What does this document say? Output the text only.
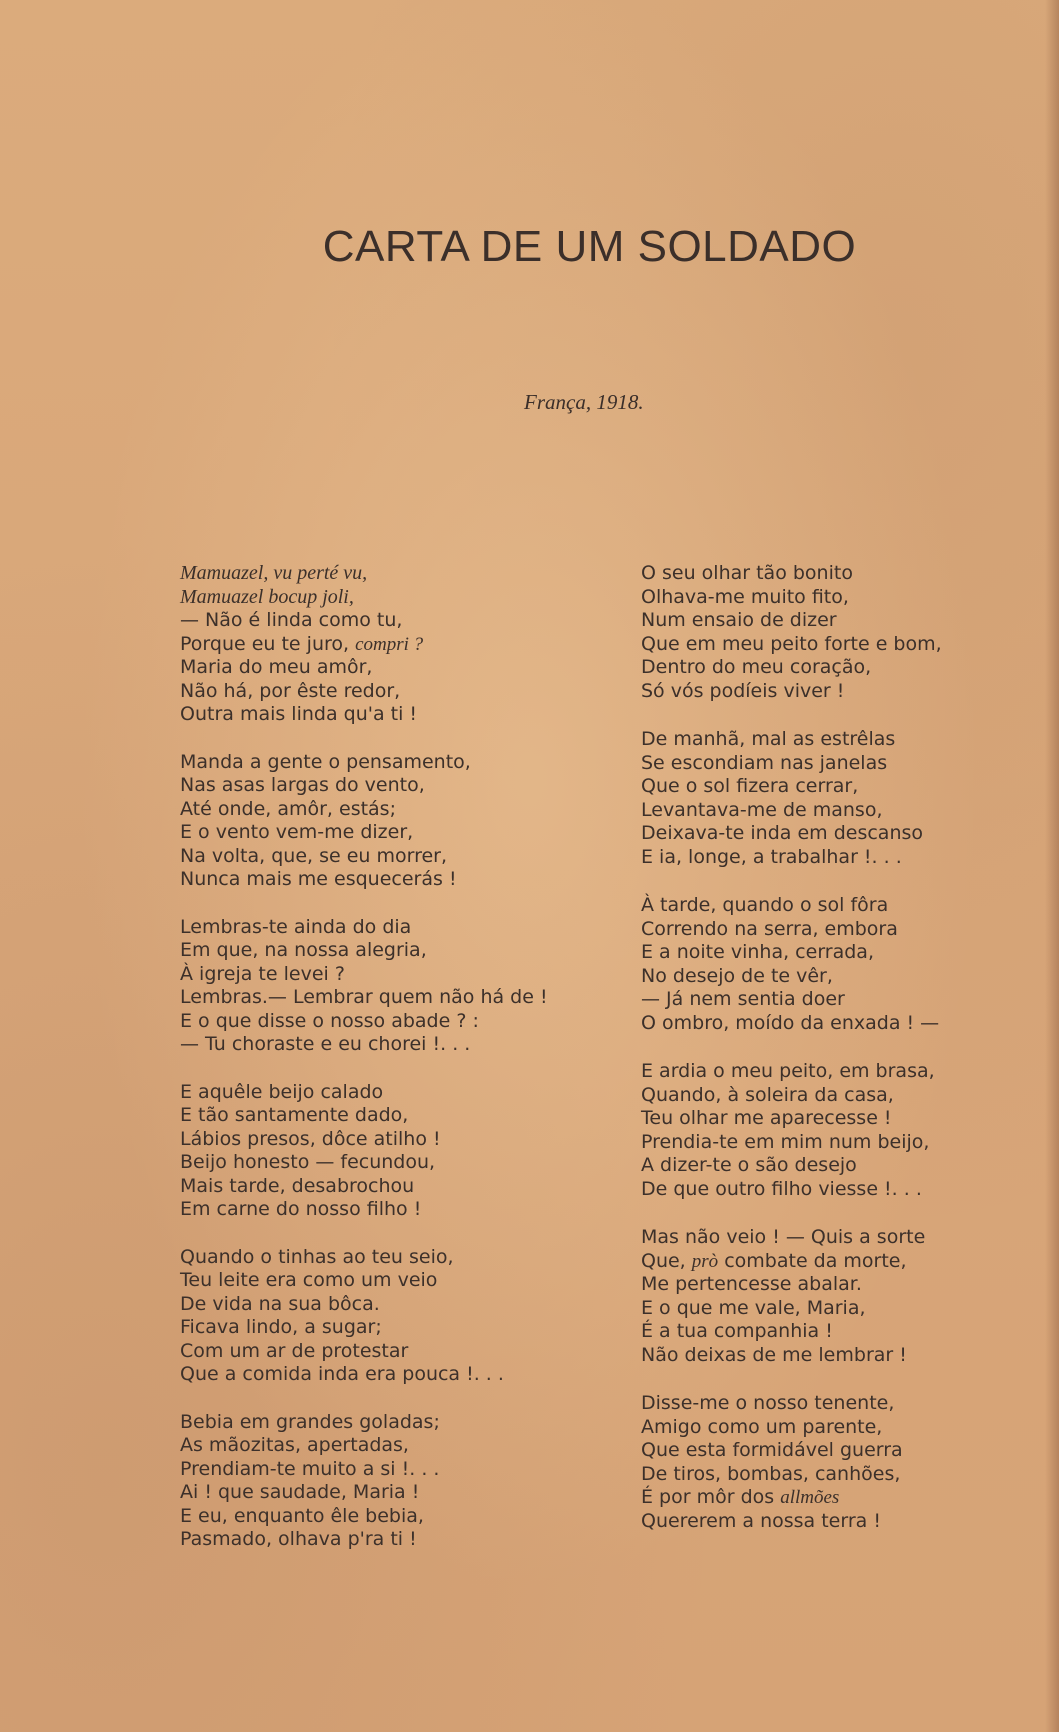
CARTA DE UM SOLDADO

França, 1918.

Mamuazel, vu perté vu,
Mamuazel bocup joli,
— Não é linda como tu,
Porque eu te juro, compri ?
Maria do meu amôr,
Não há, por êste redor,
Outra mais linda qu'a ti !
Manda a gente o pensamento,
Nas asas largas do vento,
Até onde, amôr, estás;
E o vento vem-me dizer,
Na volta, que, se eu morrer,
Nunca mais me esquecerás !
Lembras-te ainda do dia
Em que, na nossa alegria,
À igreja te levei ?
Lembras.— Lembrar quem não há de !
E o que disse o nosso abade ? :
— Tu choraste e eu chorei !. . .
E aquêle beijo calado
E tão santamente dado,
Lábios presos, dôce atilho !
Beijo honesto — fecundou,
Mais tarde, desabrochou
Em carne do nosso filho !
Quando o tinhas ao teu seio,
Teu leite era como um veio
De vida na sua bôca.
Ficava lindo, a sugar;
Com um ar de protestar
Que a comida inda era pouca !. . .
Bebia em grandes goladas;
As mãozitas, apertadas,
Prendiam-te muito a si !. . .
Ai ! que saudade, Maria !
E eu, enquanto êle bebia,
Pasmado, olhava p'ra ti !
O seu olhar tão bonito
Olhava-me muito fito,
Num ensaio de dizer
Que em meu peito forte e bom,
Dentro do meu coração,
Só vós podíeis viver !
De manhã, mal as estrêlas
Se escondiam nas janelas
Que o sol fizera cerrar,
Levantava-me de manso,
Deixava-te inda em descanso
E ia, longe, a trabalhar !. . .
À tarde, quando o sol fôra
Correndo na serra, embora
E a noite vinha, cerrada,
No desejo de te vêr,
— Já nem sentia doer
O ombro, moído da enxada ! —
E ardia o meu peito, em brasa,
Quando, à soleira da casa,
Teu olhar me aparecesse !
Prendia-te em mim num beijo,
A dizer-te o são desejo
De que outro filho viesse !. . .
Mas não veio ! — Quis a sorte
Que, prò combate da morte,
Me pertencesse abalar.
E o que me vale, Maria,
É a tua companhia !
Não deixas de me lembrar !
Disse-me o nosso tenente,
Amigo como um parente,
Que esta formidável guerra
De tiros, bombas, canhões,
É por môr dos allmões
Quererem a nossa terra !
